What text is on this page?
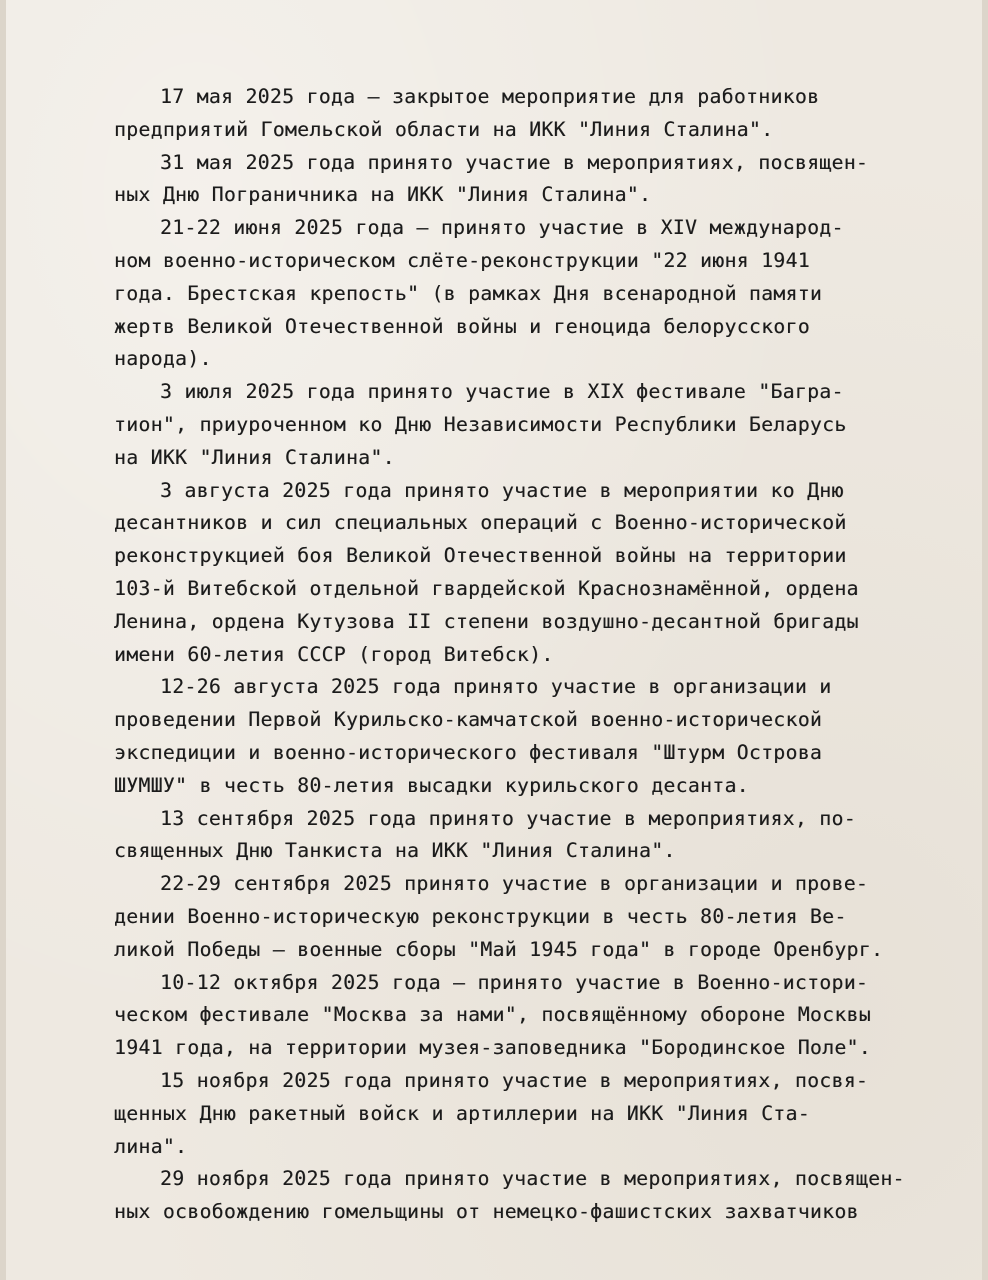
17 мая 2025 года – закрытое мероприятие для работников
предприятий Гомельской области на ИКК "Линия Сталина".
31 мая 2025 года принято участие в мероприятиях, посвящен-
ных Дню Пограничника на ИКК "Линия Сталина".
21-22 июня 2025 года – принято участие в XIV международ-
ном военно-историческом слёте-реконструкции "22 июня 1941
года. Брестская крепость" (в рамках Дня всенародной памяти
жертв Великой Отечественной войны и геноцида белорусского
народа).
3 июля 2025 года принято участие в XIX фестивале "Багра-
тион", приуроченном ко Дню Независимости Республики Беларусь
на ИКК "Линия Сталина".
3 августа 2025 года принято участие в мероприятии ко Дню
десантников и сил специальных операций с Военно-исторической
реконструкцией боя Великой Отечественной войны на территории
103-й Витебской отдельной гвардейской Краснознамённой, ордена
Ленина, ордена Кутузова II степени воздушно-десантной бригады
имени 60-летия СССР (город Витебск).
12-26 августа 2025 года принято участие в организации и
проведении Первой Курильско-камчатской военно-исторической
экспедиции и военно-исторического фестиваля "Штурм Острова
ШУМШУ" в честь 80-летия высадки курильского десанта.
13 сентября 2025 года принято участие в мероприятиях, по-
священных Дню Танкиста на ИКК "Линия Сталина".
22-29 сентября 2025 принято участие в организации и прове-
дении Военно-историческую реконструкции в честь 80-летия Ве-
ликой Победы – военные сборы "Май 1945 года" в городе Оренбург.
10-12 октября 2025 года – принято участие в Военно-истори-
ческом фестивале "Москва за нами", посвящённому обороне Москвы
1941 года, на территории музея-заповедника "Бородинское Поле".
15 ноября 2025 года принято участие в мероприятиях, посвя-
щенных Дню ракетный войск и артиллерии на ИКК "Линия Ста-
лина".
29 ноября 2025 года принято участие в мероприятиях, посвящен-
ных освобождению гомельщины от немецко-фашистских захватчиков
